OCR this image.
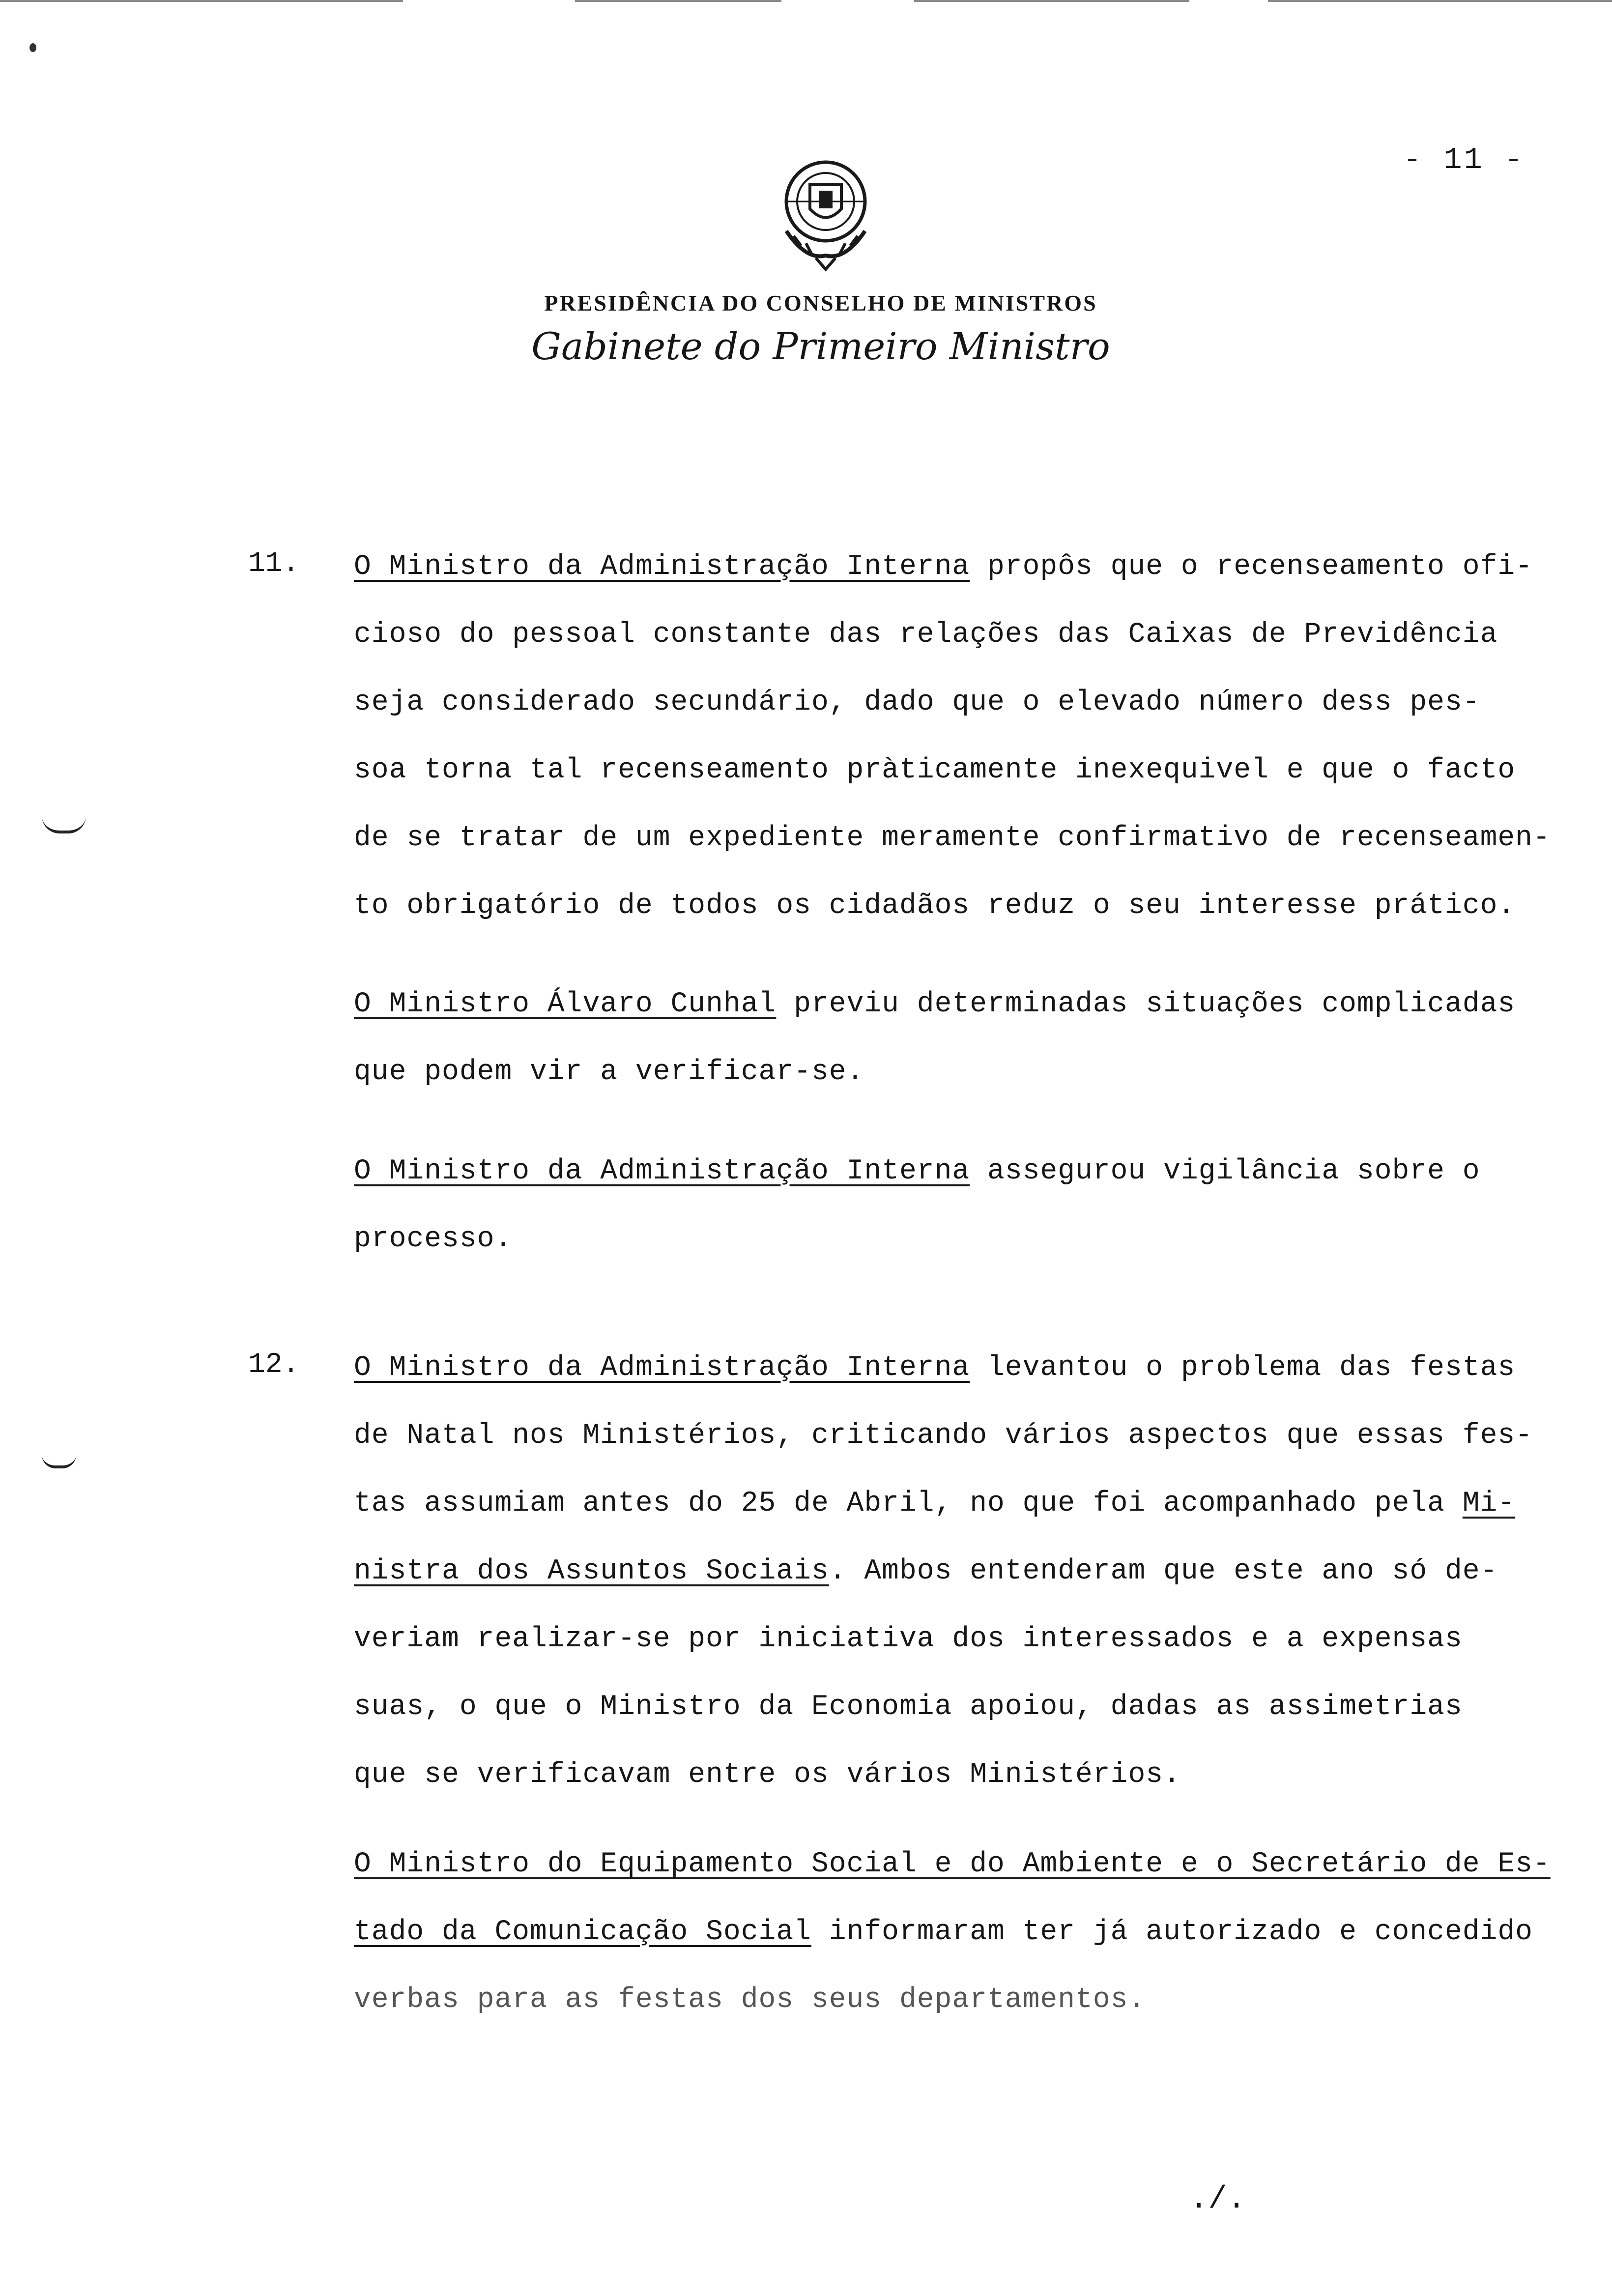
- 11 -
PRESIDÊNCIA DO CONSELHO DE MINISTROS
Gabinete do Primeiro Ministro
11. O Ministro da Administração Interna propôs que o recenseamento ofi-
cioso do pessoal constante das relações das Caixas de Previdência
seja considerado secundário, dado que o elevado número dess pes-
soa torna tal recenseamento pràticamente inexequivel e que o facto
de se tratar de um expediente meramente confirmativo de recenseamen-
to obrigatório de todos os cidadãos reduz o seu interesse prático.
O Ministro Álvaro Cunhal previu determinadas situações complicadas
que podem vir a verificar-se.
O Ministro da Administração Interna assegurou vigilância sobre o
processo.
12. O Ministro da Administração Interna levantou o problema das festas
de Natal nos Ministérios, criticando vários aspectos que essas fes-
tas assumiam antes do 25 de Abril, no que foi acompanhado pela Mi-
nistra dos Assuntos Sociais. Ambos entenderam que este ano só de-
veriam realizar-se por iniciativa dos interessados e a expensas
suas, o que o Ministro da Economia apoiou, dadas as assimetrias
que se verificavam entre os vários Ministérios.
O Ministro do Equipamento Social e do Ambiente e o Secretário de Es-
tado da Comunicação Social informaram ter já autorizado e concedido
verbas para as festas dos seus departamentos.
./.
